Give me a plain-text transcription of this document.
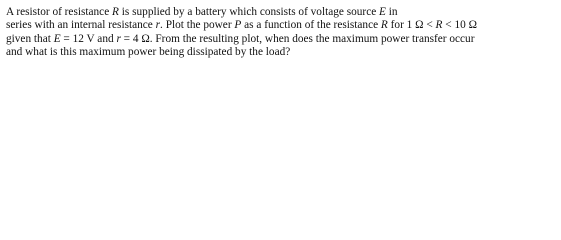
A resistor of resistance R is supplied by a battery which consists of voltage source E in
series with an internal resistance r. Plot the power P as a function of the resistance R for 1 Ω < R < 10 Ω
given that E = 12 V and r = 4 Ω. From the resulting plot, when does the maximum power transfer occur
and what is this maximum power being dissipated by the load?
